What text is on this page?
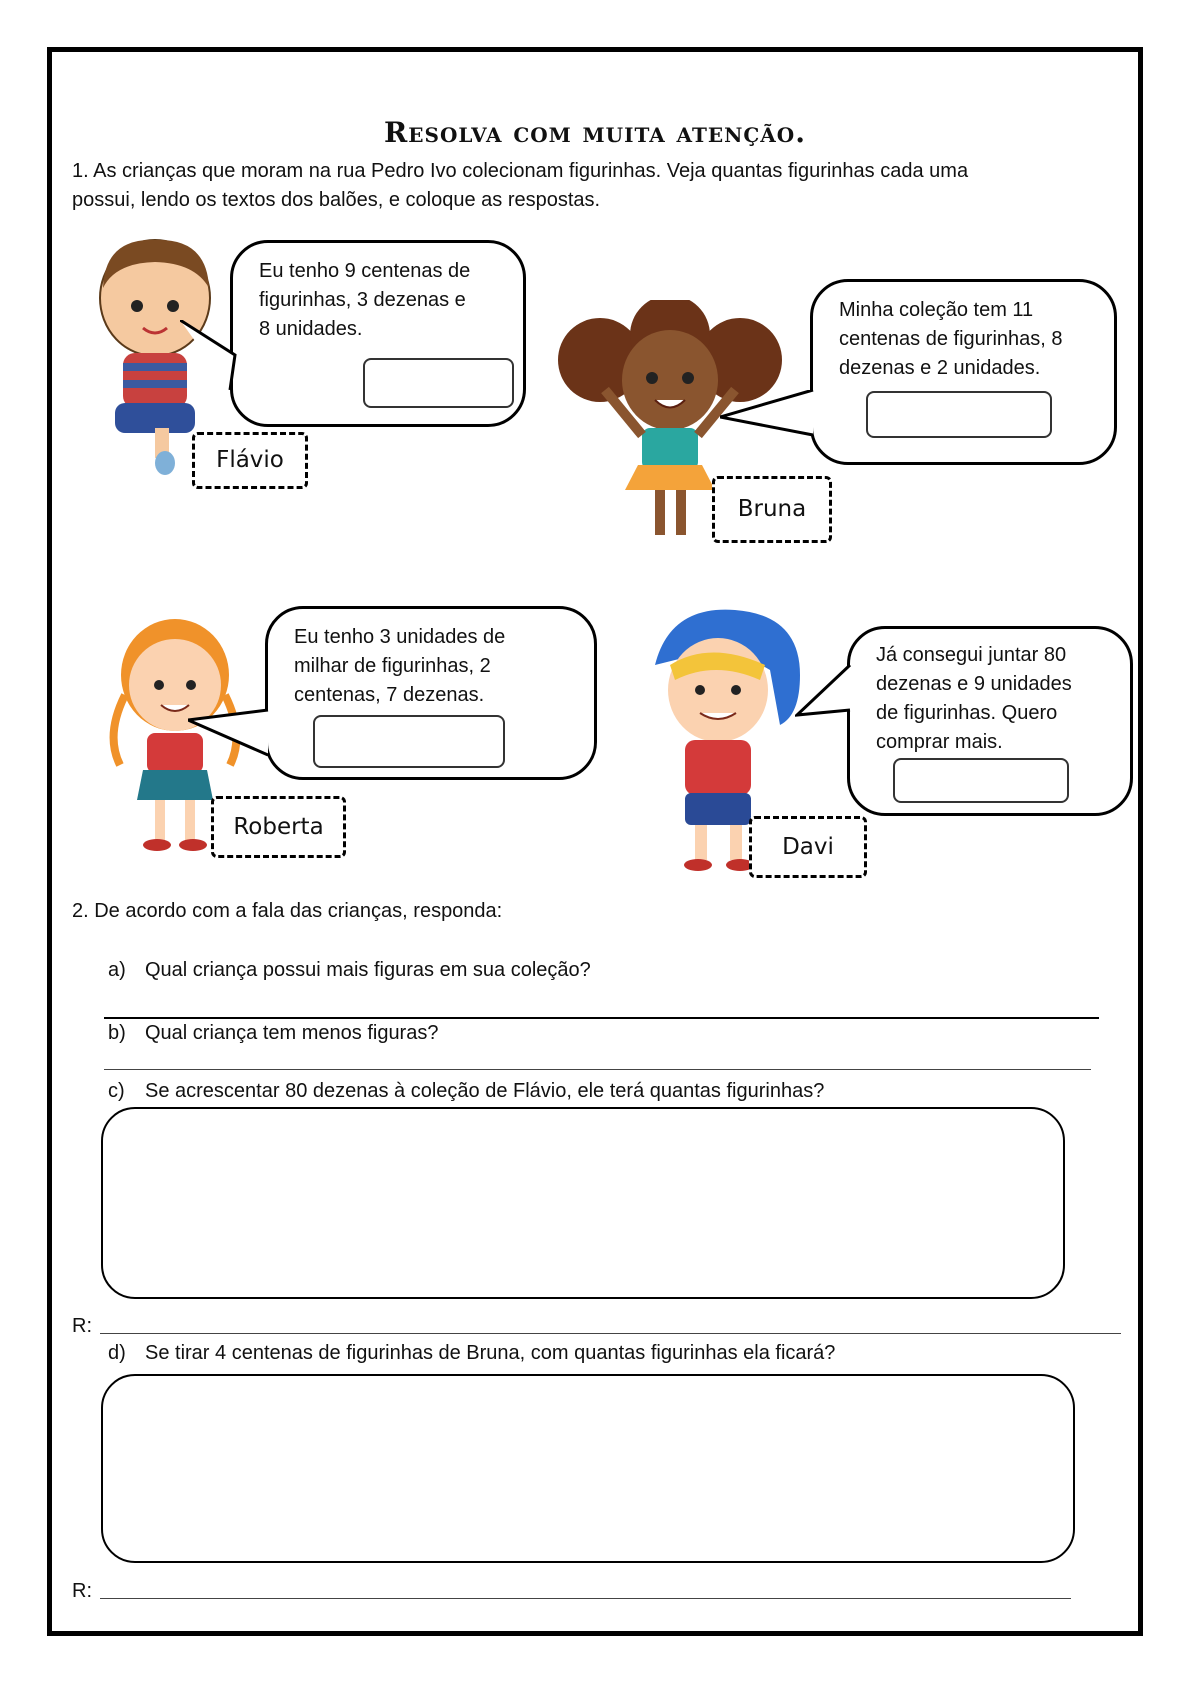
Resolva com muita atenção.
1. As crianças que moram na rua Pedro Ivo colecionam figurinhas. Veja quantas figurinhas cada uma
possui, lendo os textos dos balões, e coloque as respostas.
Eu tenho 9 centenas de
figurinhas, 3 dezenas e
8 unidades.
Flávio
Minha coleção tem 11
centenas de figurinhas, 8
dezenas e 2 unidades.
Bruna
Eu tenho 3 unidades de
milhar de figurinhas, 2
centenas, 7 dezenas.
Roberta
Já consegui juntar 80
dezenas e 9 unidades
de figurinhas. Quero
comprar mais.
Davi
2. De acordo com a fala das crianças, responda:
a) Qual criança possui mais figuras em sua coleção?
b) Qual criança tem menos figuras?
c) Se acrescentar 80 dezenas à coleção de Flávio, ele terá quantas figurinhas?
R:
d) Se tirar 4 centenas de figurinhas de Bruna, com quantas figurinhas ela ficará?
R:
